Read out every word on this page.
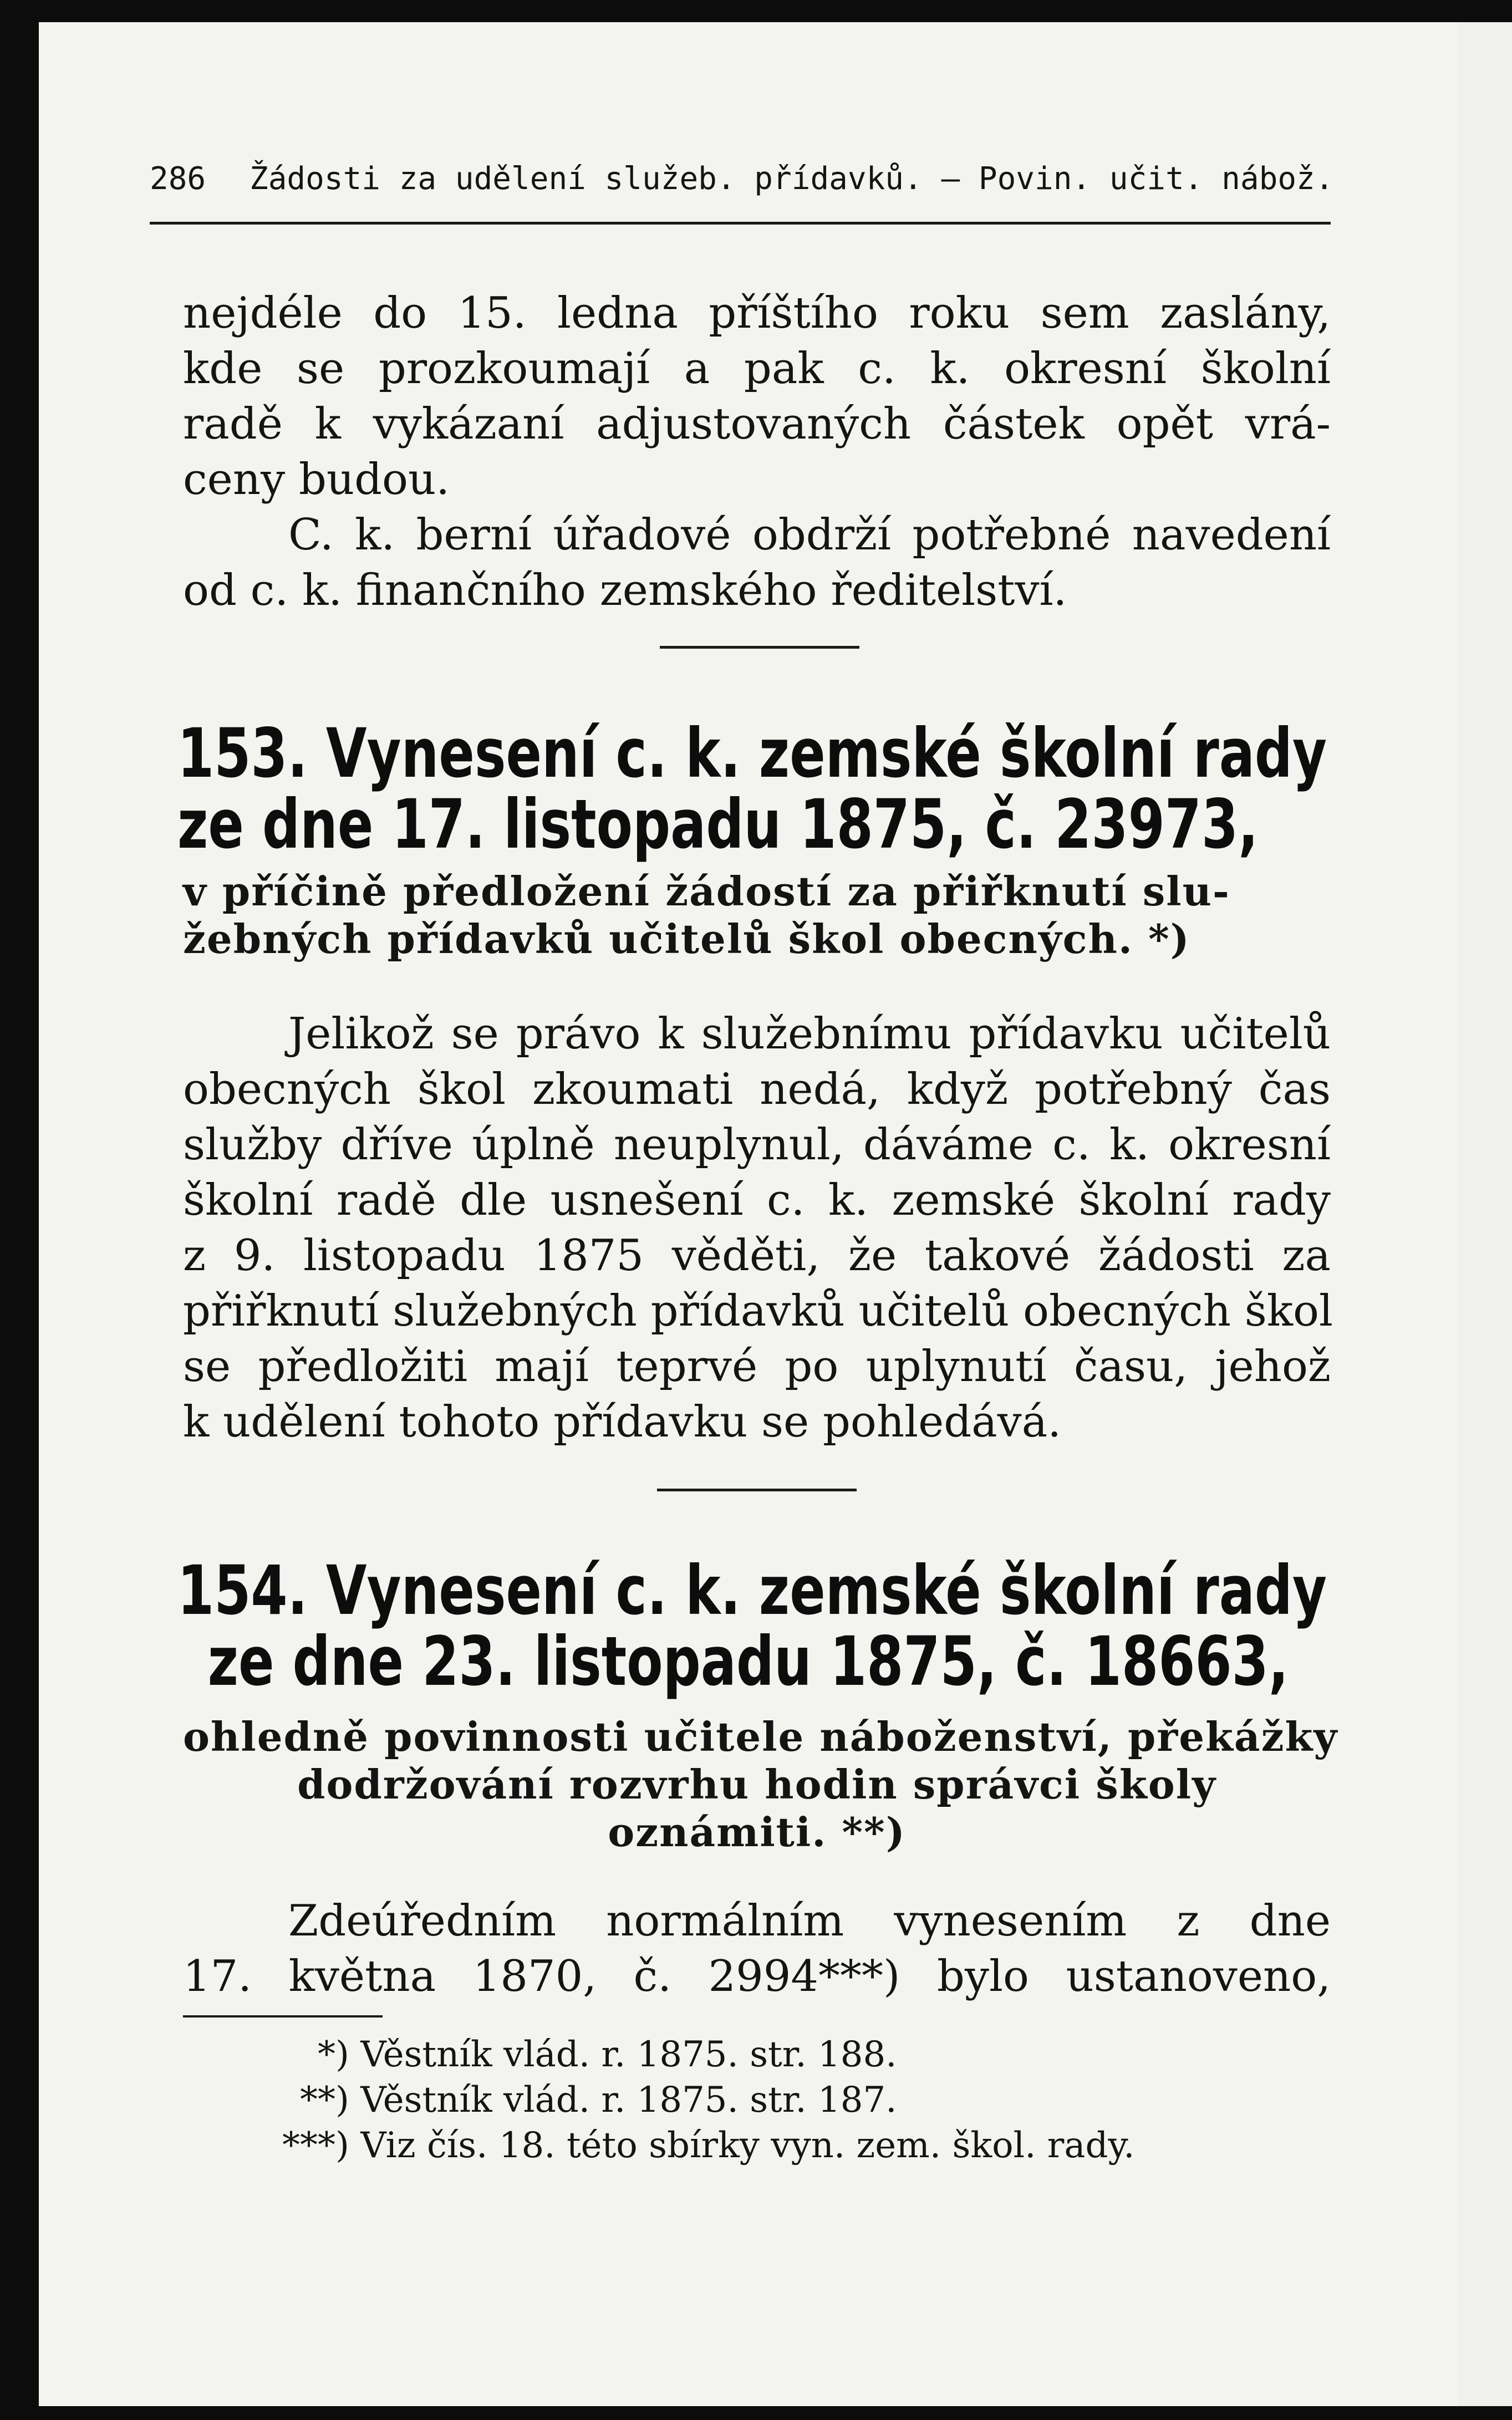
286 Žádosti za udělení služeb. přídavků. — Povin. učit. nábož.
nejdéle do 15. ledna příštího roku sem zaslány,
kde se prozkoumají a pak c. k. okresní školní
radě k vykázaní adjustovaných částek opět vrá-
ceny budou.
C. k. berní úřadové obdrží potřebné navedení
od c. k. finančního zemského ředitelství.
153. Vynesení c. k. zemské školní rady
ze dne 17. listopadu 1875, č. 23973,
v příčině předložení žádostí za přiřknutí slu-
žebných přídavků učitelů škol obecných. *)
Jelikož se právo k služebnímu přídavku učitelů
obecných škol zkoumati nedá, když potřebný čas
služby dříve úplně neuplynul, dáváme c. k. okresní
školní radě dle usnešení c. k. zemské školní rady
z 9. listopadu 1875 věděti, že takové žádosti za
přiřknutí služebných přídavků učitelů obecných škol
se předložiti mají teprvé po uplynutí času, jehož
k udělení tohoto přídavku se pohledává.
154. Vynesení c. k. zemské školní rady
ze dne 23. listopadu 1875, č. 18663,
ohledně povinnosti učitele náboženství, překážky
dodržování rozvrhu hodin správci školy
oznámiti. **)
Zdeúředním normálním vynesením z dne
17. května 1870, č. 2994***) bylo ustanoveno,
*) Věstník vlád. r. 1875. str. 188.
**) Věstník vlád. r. 1875. str. 187.
***) Viz čís. 18. této sbírky vyn. zem. škol. rady.
